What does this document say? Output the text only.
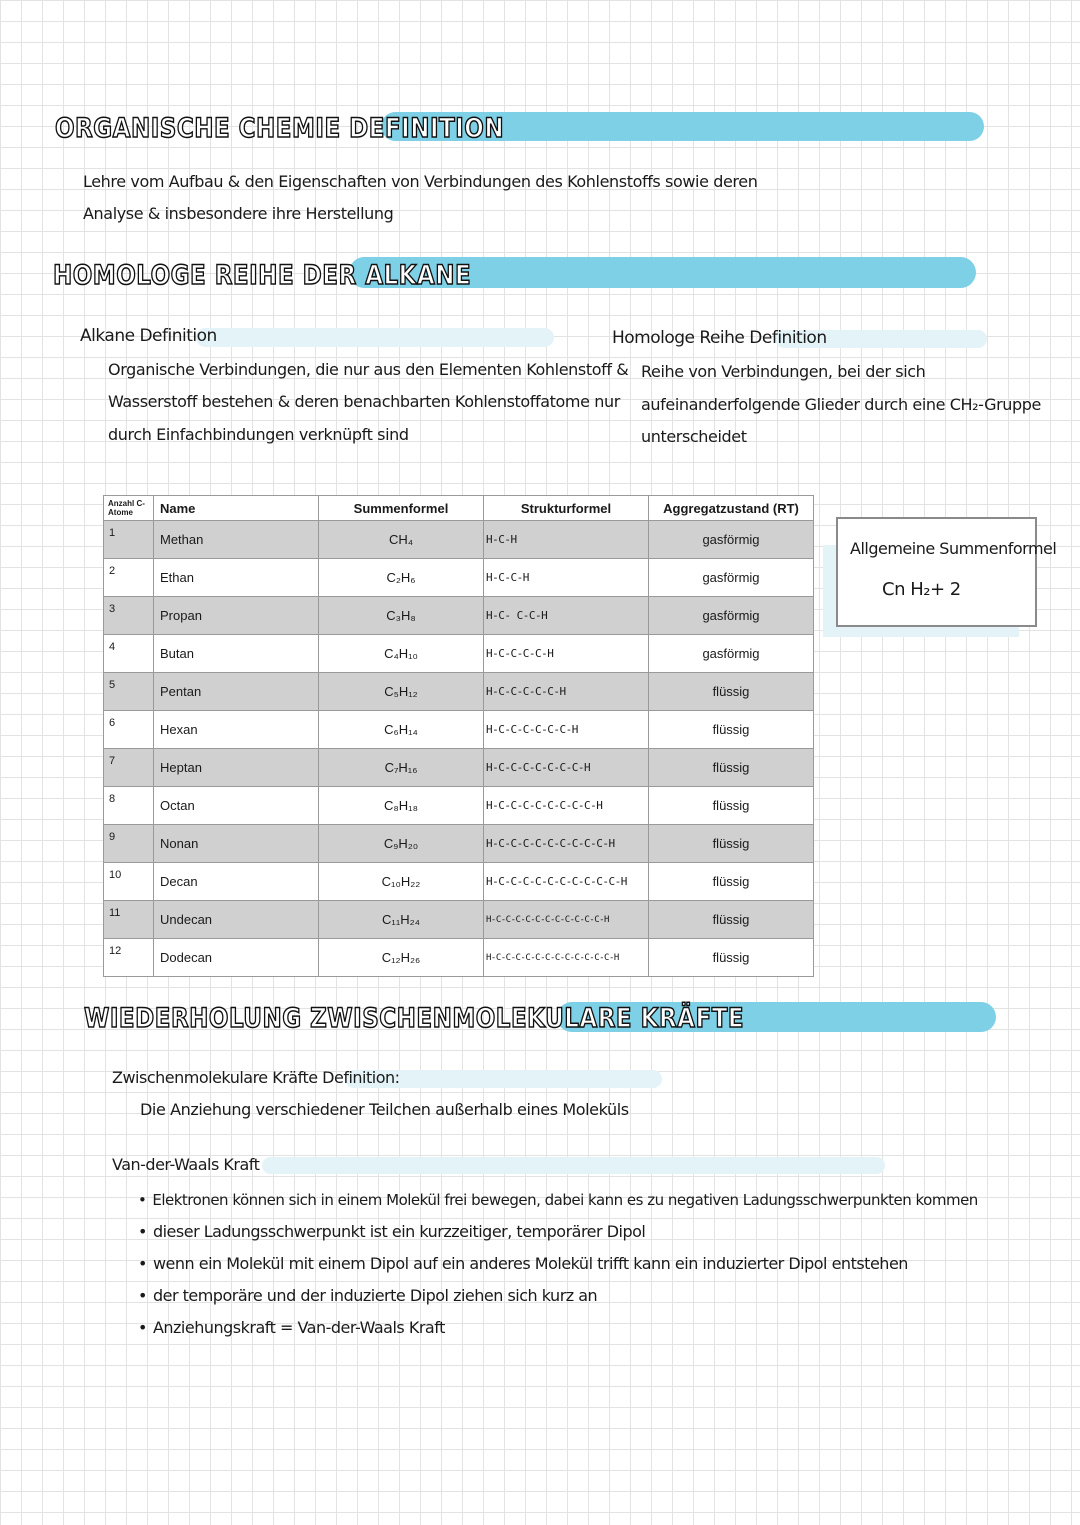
ORGANISCHE CHEMIE DEFINITION
Lehre vom Aufbau & den Eigenschaften von Verbindungen des Kohlenstoffs sowie deren
Analyse & insbesondere ihre Herstellung
HOMOLOGE REIHE DER ALKANE
Alkane Definition
Organische Verbindungen, die nur aus den Elementen Kohlenstoff &
Wasserstoff bestehen & deren benachbarten Kohlenstoffatome nur
durch Einfachbindungen verknüpft sind
Homologe Reihe Definition
Reihe von Verbindungen, bei der sich
aufeinanderfolgende Glieder durch eine CH₂-Gruppe
unterscheidet
Anzahl C-Atome	Name	Summenformel	Strukturformel	Aggregatzustand (RT)
1	Methan	CH₄	H-C-H	gasförmig
2	Ethan	C₂H₆	H-C-C-H	gasförmig
3	Propan	C₃H₈	H-C- C-C-H	gasförmig
4	Butan	C₄H₁₀	H-C-C-C-C-H	gasförmig
5	Pentan	C₅H₁₂	H-C-C-C-C-C-H	flüssig
6	Hexan	C₆H₁₄	H-C-C-C-C-C-C-H	flüssig
7	Heptan	C₇H₁₆	H-C-C-C-C-C-C-C-H	flüssig
8	Octan	C₈H₁₈	H-C-C-C-C-C-C-C-C-H	flüssig
9	Nonan	C₉H₂₀	H-C-C-C-C-C-C-C-C-C-H	flüssig
10	Decan	C₁₀H₂₂	H-C-C-C-C-C-C-C-C-C-C-H	flüssig
11	Undecan	C₁₁H₂₄	H-C-C-C-C-C-C-C-C-C-C-C-H	flüssig
12	Dodecan	C₁₂H₂₆	H-C-C-C-C-C-C-C-C-C-C-C-C-H	flüssig
Allgemeine Summenformel
Cn H₂+ 2
WIEDERHOLUNG ZWISCHENMOLEKULARE KRÄFTE
Zwischenmolekulare Kräfte Definition:
Die Anziehung verschiedener Teilchen außerhalb eines Moleküls
Van-der-Waals Kraft
• Elektronen können sich in einem Molekül frei bewegen, dabei kann es zu negativen Ladungsschwerpunkten kommen
• dieser Ladungsschwerpunkt ist ein kurzzeitiger, temporärer Dipol
• wenn ein Molekül mit einem Dipol auf ein anderes Molekül trifft kann ein induzierter Dipol entstehen
• der temporäre und der induzierte Dipol ziehen sich kurz an
• Anziehungskraft = Van-der-Waals Kraft
